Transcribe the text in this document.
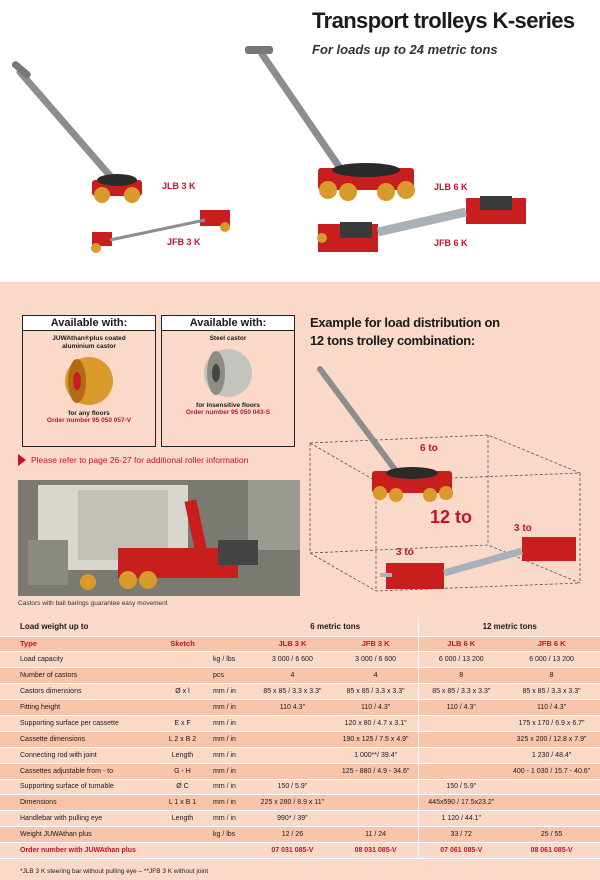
Transport trolleys K-series
For loads up to 24 metric tons
JLB 3 K
JFB 3 K
JLB 6 K
JFB 6 K
Available with:
JUWAthan®plus coated
aluminium castor
for any floors
Order number 95 050 057-V
Available with:
Steel castor
for insensitive floors
Order number 95 050 043-S
Please refer to page 26-27 for additional roller information
Castors with ball barings guarantee easy movement
Example for load distribution on
12 tons trolley combination:
6 to
12 to
3 to
3 to
Load weight up to			6 metric tons		12 metric tons	
Type	Sketch		JLB 3 K	JFB 3 K	JLB 6 K	JFB 6 K
Load capacity		kg / lbs	3 000 / 6 600	3 000 / 6 600	6 000 / 13 200	6 000 / 13 200
Number of castors		pcs	4	4	8	8
Castors dimensions	Ø x l	mm / in	85 x 85 / 3.3 x 3.3"	85 x 85 / 3.3 x 3.3"	85 x 85 / 3.3 x 3.3"	85 x 85 / 3.3 x 3.3"
Fitting height		mm / in	110 4.3"	110 / 4.3"	110 / 4.3"	110 / 4.3"
Supporting surface per cassette	E x F	mm / in		120 x 80 / 4.7 x 3.1"		175 x 170 / 6.9 x 6.7"
Cassette dimensions	L 2 x B 2	mm / in		190 x 125 / 7.5 x 4.9"		325 x 200 / 12.8 x 7.9"
Connecting rod with joint	Length	mm / in		1 000**/ 39.4"		1 230 / 48.4"
Cassettes adjustable from - to	G - H	mm / in		125 - 880 / 4.9 - 34.6"		400 - 1 030 / 15.7 - 40.6"
Supporting surface of turnable	Ø C	mm / in	150 / 5.9"		150 / 5.9"	
Dimensions	L 1 x B 1	mm / in	225 x 280 / 8.9 x 11"		445x590 / 17.5x23.2"	
Handlebar with pulling eye	Length	mm / in	990* / 39"		1 120 / 44.1"	
Weight JUWAthan plus		kg / lbs	12 / 26	11 / 24	33 / 72	25 / 55
Order number with JUWAthan plus			07 031 085-V	08 031 085-V	07 061 085-V	08 061 085-V
*JLB 3 K steering bar without pulling eye – **JFB 3 K without joint
